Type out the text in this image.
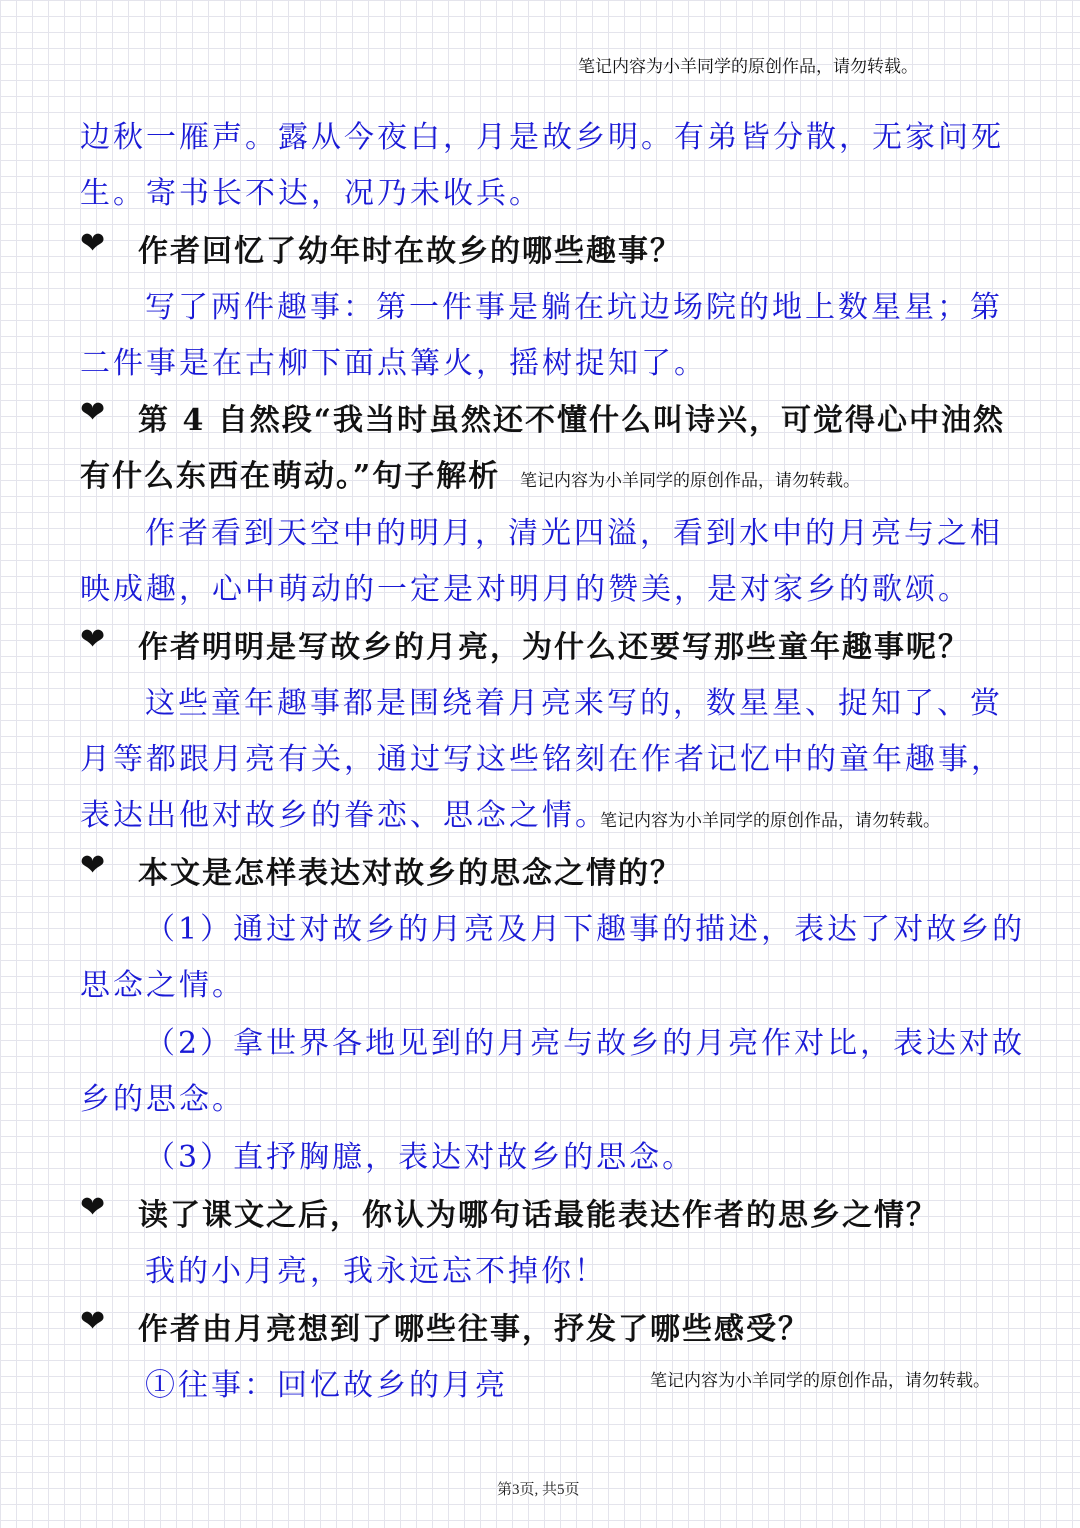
笔记内容为小羊同学的原创作品，请勿转载。
边秋一雁声。露从今夜白，月是故乡明。有弟皆分散，无家问死
生。寄书长不达，况乃未收兵。
❤ 作者回忆了幼年时在故乡的哪些趣事？
写了两件趣事：第一件事是躺在坑边场院的地上数星星；第
二件事是在古柳下面点篝火，摇树捉知了。
❤ 第 4 自然段“我当时虽然还不懂什么叫诗兴，可觉得心中油然
有什么东西在萌动。”句子解析 笔记内容为小羊同学的原创作品，请勿转载。
作者看到天空中的明月，清光四溢，看到水中的月亮与之相
映成趣，心中萌动的一定是对明月的赞美，是对家乡的歌颂。
❤ 作者明明是写故乡的月亮，为什么还要写那些童年趣事呢？
这些童年趣事都是围绕着月亮来写的，数星星、捉知了、赏
月等都跟月亮有关，通过写这些铭刻在作者记忆中的童年趣事，
表达出他对故乡的眷恋、思念之情。
笔记内容为小羊同学的原创作品，请勿转载。
❤ 本文是怎样表达对故乡的思念之情的？
（1）通过对故乡的月亮及月下趣事的描述，表达了对故乡的
思念之情。
（2）拿世界各地见到的月亮与故乡的月亮作对比，表达对故
乡的思念。
（3）直抒胸臆，表达对故乡的思念。
❤ 读了课文之后，你认为哪句话最能表达作者的思乡之情？
我的小月亮，我永远忘不掉你！
❤ 作者由月亮想到了哪些往事，抒发了哪些感受？
①往事：回忆故乡的月亮	笔记内容为小羊同学的原创作品，请勿转载。
第3页, 共5页
